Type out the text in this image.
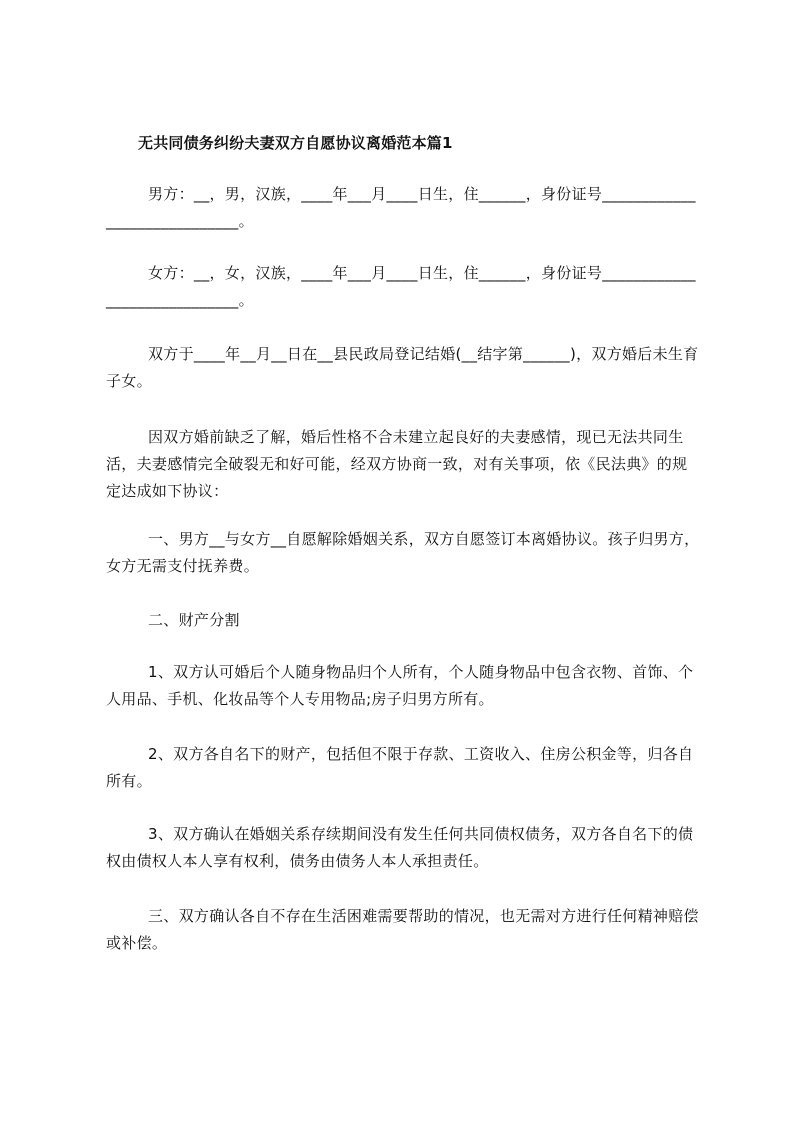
无共同债务纠纷夫妻双方自愿协议离婚范本篇1

男方：__，男，汉族，____年___月____日生，住______，身份证号_____________________________。

女方：__，女，汉族，____年___月____日生，住______，身份证号_____________________________。

双方于____年__月__日在__县民政局登记结婚(__结字第______)，双方婚后未生育子女。

因双方婚前缺乏了解，婚后性格不合未建立起良好的夫妻感情，现已无法共同生活，夫妻感情完全破裂无和好可能，经双方协商一致，对有关事项，依《民法典》的规定达成如下协议：

一、男方__与女方__自愿解除婚姻关系，双方自愿签订本离婚协议。孩子归男方，女方无需支付抚养费。

二、财产分割

1、双方认可婚后个人随身物品归个人所有，个人随身物品中包含衣物、首饰、个人用品、手机、化妆品等个人专用物品;房子归男方所有。

2、双方各自名下的财产，包括但不限于存款、工资收入、住房公积金等，归各自所有。

3、双方确认在婚姻关系存续期间没有发生任何共同债权债务，双方各自名下的债权由债权人本人享有权利，债务由债务人本人承担责任。

三、双方确认各自不存在生活困难需要帮助的情况，也无需对方进行任何精神赔偿或补偿。
